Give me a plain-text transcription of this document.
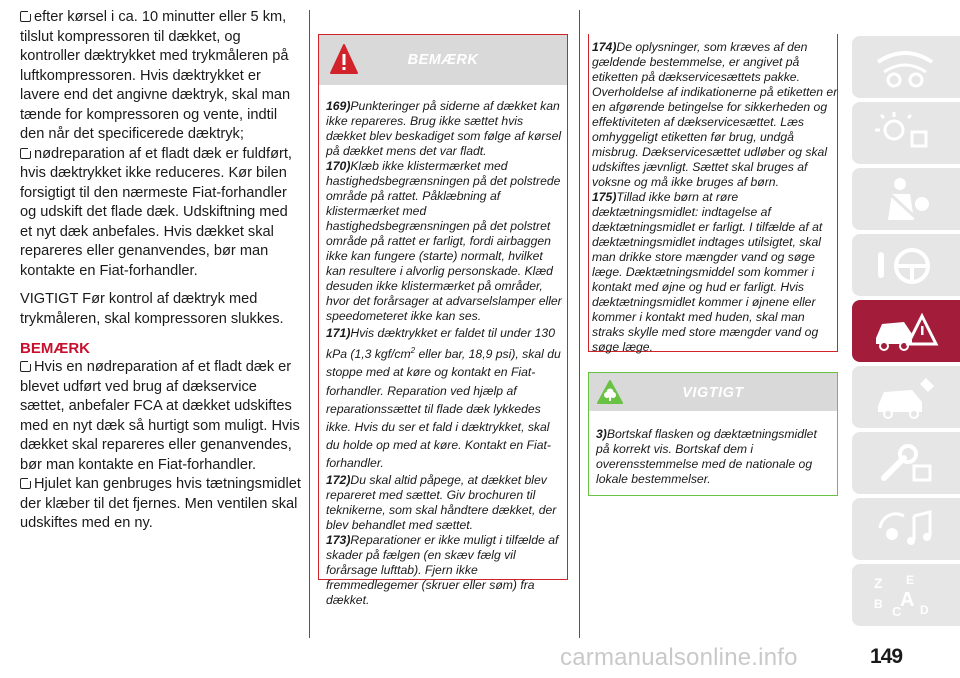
efter kørsel i ca. 10 minutter eller 5 km, tilslut kompressoren til dækket, og kontroller dæktrykket med trykmåleren på luftkompressoren. Hvis dæktrykket er lavere end det angivne dæktryk, skal man tænde for kompressoren og vente, indtil den når det specificerede dæktryk;

nødreparation af et fladt dæk er fuldført, hvis dæktrykket ikke reduceres. Kør bilen forsigtigt til den nærmeste Fiat-forhandler og udskift det flade dæk. Udskiftning med et nyt dæk anbefales. Hvis dækket skal repareres eller genanvendes, bør man kontakte en Fiat-forhandler.

VIGTIGT Før kontrol af dæktryk med trykmåleren, skal kompressoren slukkes.

BEMÆRK

Hvis en nødreparation af et fladt dæk er blevet udført ved brug af dækservice sættet, anbefaler FCA at dækket udskiftes med en nyt dæk så hurtigt som muligt. Hvis dækket skal repareres eller genanvendes, bør man kontakte en Fiat-forhandler.

Hjulet kan genbruges hvis tætningsmidlet der klæber til det fjernes. Men ventilen skal udskiftes med en ny.

BEMÆRK

169)Punkteringer på siderne af dækket kan ikke repareres. Brug ikke sættet hvis dækket blev beskadiget som følge af kørsel på dækket mens det var fladt.

170)Klæb ikke klistermærket med hastighedsbegrænsningen på det polstrede område på rattet. Påklæbning af klistermærket med hastighedsbegrænsningen på det polstret område på rattet er farligt, fordi airbaggen ikke kan fungere (starte) normalt, hvilket kan resultere i alvorlig personskade. Klæd desuden ikke klistermærket på områder, hvor det forårsager at advarselslamper eller speedometeret ikke kan ses.

171)Hvis dæktrykket er faldet til under 130 kPa (1,3 kgf/$cm^2$ eller bar, 18,9 psi), skal du stoppe med at køre og kontakt en Fiat-forhandler. Reparation ved hjælp af reparationssættet til flade dæk lykkedes ikke. Hvis du ser et fald i dæktrykket, skal du holde op med at køre. Kontakt en Fiat-forhandler.

172)Du skal altid påpege, at dækket blev repareret med sættet. Giv brochuren til teknikerne, som skal håndtere dækket, der blev behandlet med sættet.

173)Reparationer er ikke muligt i tilfælde af skader på fælgen (en skæv fælg vil forårsage lufttab). Fjern ikke fremmedlegemer (skruer eller søm) fra dækket.

174)De oplysninger, som kræves af den gældende bestemmelse, er angivet på etiketten på dækservicesættets pakke. Overholdelse af indikationerne på etiketten er en afgørende betingelse for sikkerheden og effektiviteten af dækservicesættet. Læs omhyggeligt etiketten før brug, undgå misbrug. Dækservicesættet udløber og skal udskiftes jævnligt. Sættet skal bruges af voksne og må ikke bruges af børn.

175)Tillad ikke børn at røre dæktætningsmidlet: indtagelse af dæktætningsmidlet er farligt. I tilfælde af at dæktætningsmidlet indtages utilsigtet, skal man drikke store mængder vand og søge læge. Dæktætningsmiddel som kommer i kontakt med øjne og hud er farligt. Hvis dæktætningsmidlet kommer i øjnene eller kommer i kontakt med huden, skal man straks skylle med store mængder vand og søge læge.

VIGTIGT

3)Bortskaf flasken og dæktætningsmidlet på korrekt vis. Bortskaf dem i overensstemmelse med de nationale og lokale bestemmelser.

Z E
B C
A D
carmanualsonline.info	149
